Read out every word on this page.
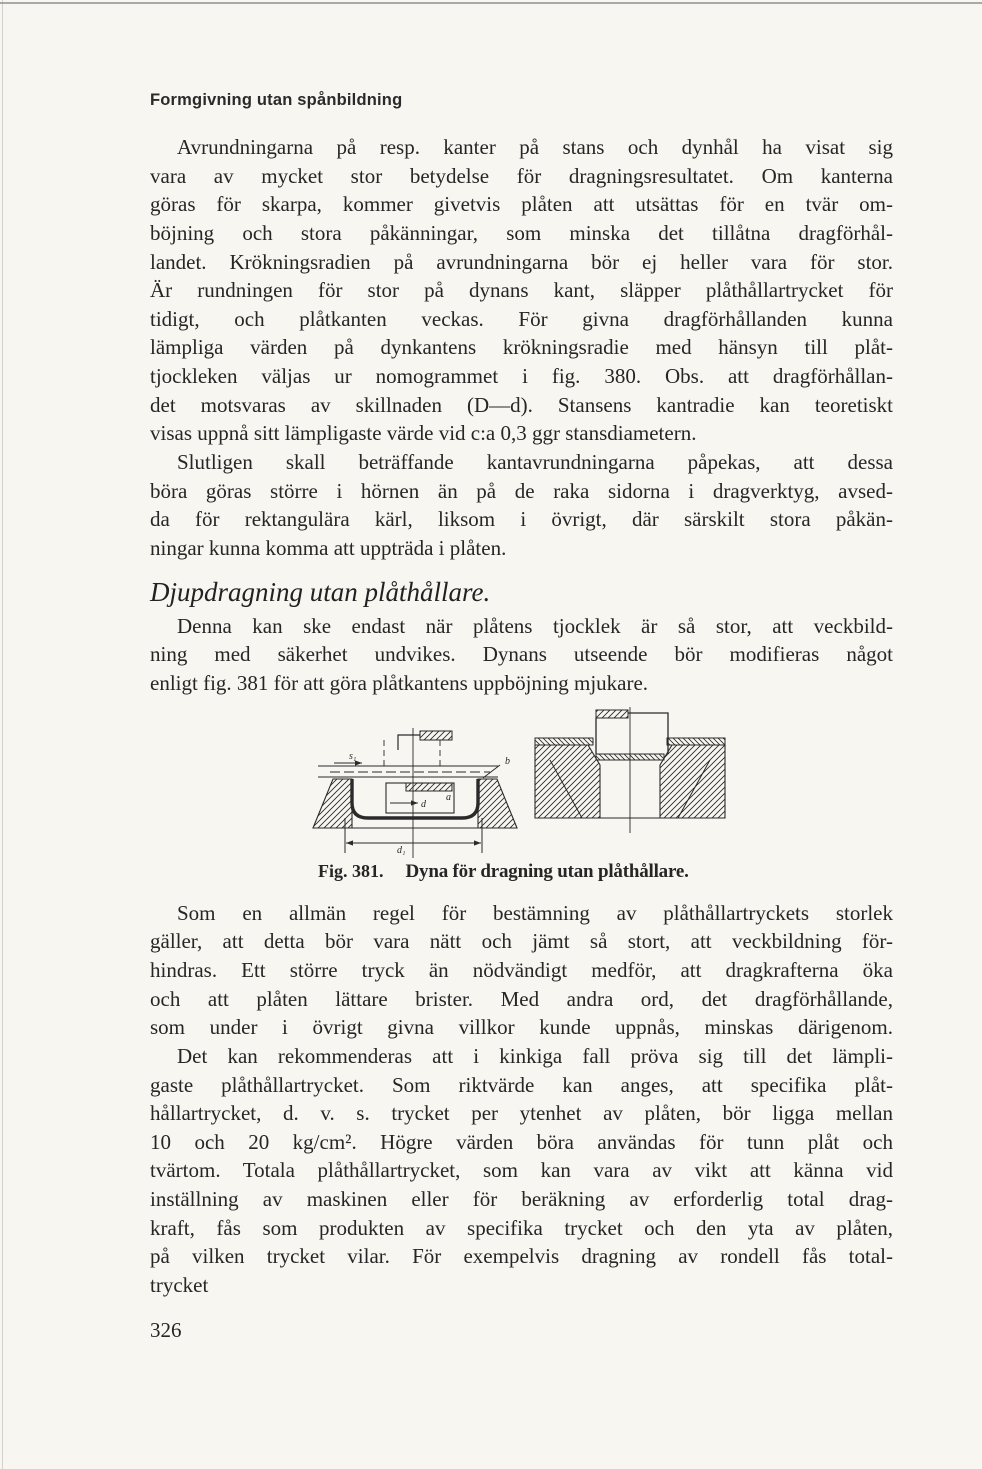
Formgivning utan spånbildning
Avrundningarna på resp. kanter på stans och dynhål ha visat sig
vara av mycket stor betydelse för dragningsresultatet. Om kanterna
göras för skarpa, kommer givetvis plåten att utsättas för en tvär om-
böjning och stora påkänningar, som minska det tillåtna dragförhål-
landet. Krökningsradien på avrundningarna bör ej heller vara för stor.
Är rundningen för stor på dynans kant, släpper plåthållartrycket för
tidigt, och plåtkanten veckas. För givna dragförhållanden kunna
lämpliga värden på dynkantens krökningsradie med hänsyn till plåt-
tjockleken väljas ur nomogrammet i fig. 380. Obs. att dragförhållan-
det motsvaras av skillnaden (D—d). Stansens kantradie kan teoretiskt
visas uppnå sitt lämpligaste värde vid c:a 0,3 ggr stansdiametern.
Slutligen skall beträffande kantavrundningarna påpekas, att dessa
böra göras större i hörnen än på de raka sidorna i dragverktyg, avsed-
da för rektangulära kärl, liksom i övrigt, där särskilt stora påkän-
ningar kunna komma att uppträda i plåten.
Djupdragning utan plåthållare.
Denna kan ske endast när plåtens tjocklek är så stor, att veckbild-
ning med säkerhet undvikes. Dynans utseende bör modifieras något
enligt fig. 381 för att göra plåtkantens uppböjning mjukare.
s₁	b
d
a
d₁
Fig. 381. Dyna för dragning utan plåthållare.
Som en allmän regel för bestämning av plåthållartryckets storlek
gäller, att detta bör vara nätt och jämt så stort, att veckbildning för-
hindras. Ett större tryck än nödvändigt medför, att dragkrafterna öka
och att plåten lättare brister. Med andra ord, det dragförhållande,
som under i övrigt givna villkor kunde uppnås, minskas därigenom.
Det kan rekommenderas att i kinkiga fall pröva sig till det lämpli-
gaste plåthållartrycket. Som riktvärde kan anges, att specifika plåt-
hållartrycket, d. v. s. trycket per ytenhet av plåten, bör ligga mellan
10 och 20 kg/cm². Högre värden böra användas för tunn plåt och
tvärtom. Totala plåthållartrycket, som kan vara av vikt att känna vid
inställning av maskinen eller för beräkning av erforderlig total drag-
kraft, fås som produkten av specifika trycket och den yta av plåten,
på vilken trycket vilar. För exempelvis dragning av rondell fås total-
trycket
326
